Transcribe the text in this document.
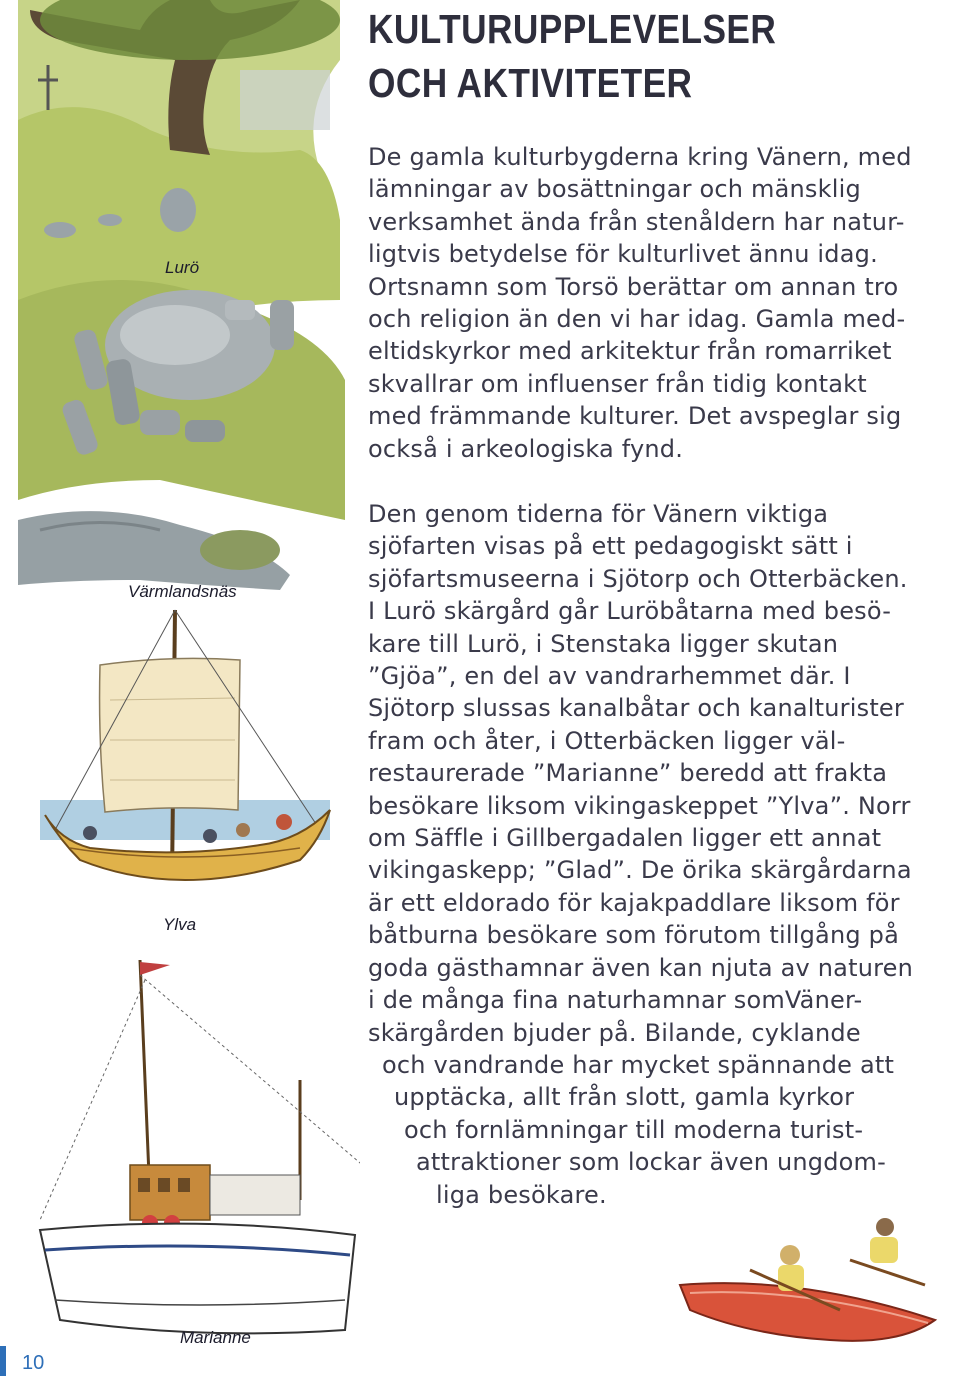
Lurö
Värmlandsnäs
Ylva
Marianne
KULTURUPPLEVELSER
OCH AKTIVITETER
De gamla kulturbygderna kring Vänern, med
lämningar av bosättningar och mänsklig
verksamhet ända från stenåldern har natur-
ligtvis betydelse för kulturlivet ännu idag.
Ortsnamn som Torsö berättar om annan tro
och religion än den vi har idag. Gamla med-
eltidskyrkor med arkitektur från romarriket
skvallrar om influenser från tidig kontakt
med främmande kulturer. Det avspeglar sig
också i arkeologiska fynd.
Den genom tiderna för Vänern viktiga
sjöfarten visas på ett pedagogiskt sätt i
sjöfartsmuseerna i Sjötorp och Otterbäcken.
I Lurö skärgård går Luröbåtarna med besö-
kare till Lurö, i Stenstaka ligger skutan
”Gjöa”, en del av vandrarhemmet där. I
Sjötorp slussas kanalbåtar och kanalturister
fram och åter, i Otterbäcken ligger väl-
restaurerade ”Marianne” beredd att frakta
besökare liksom vikingaskeppet ”Ylva”. Norr
om Säffle i Gillbergadalen ligger ett annat
vikingaskepp; ”Glad”. De örika skärgårdarna
är ett eldorado för kajakpaddlare liksom för
båtburna besökare som förutom tillgång på
goda gästhamnar även kan njuta av naturen
i de många fina naturhamnar somVäner-
skärgården bjuder på. Bilande, cyklande
och vandrande har mycket spännande att
upptäcka, allt från slott, gamla kyrkor
och fornlämningar till moderna turist-
attraktioner som lockar även ungdom-
liga besökare.
10
